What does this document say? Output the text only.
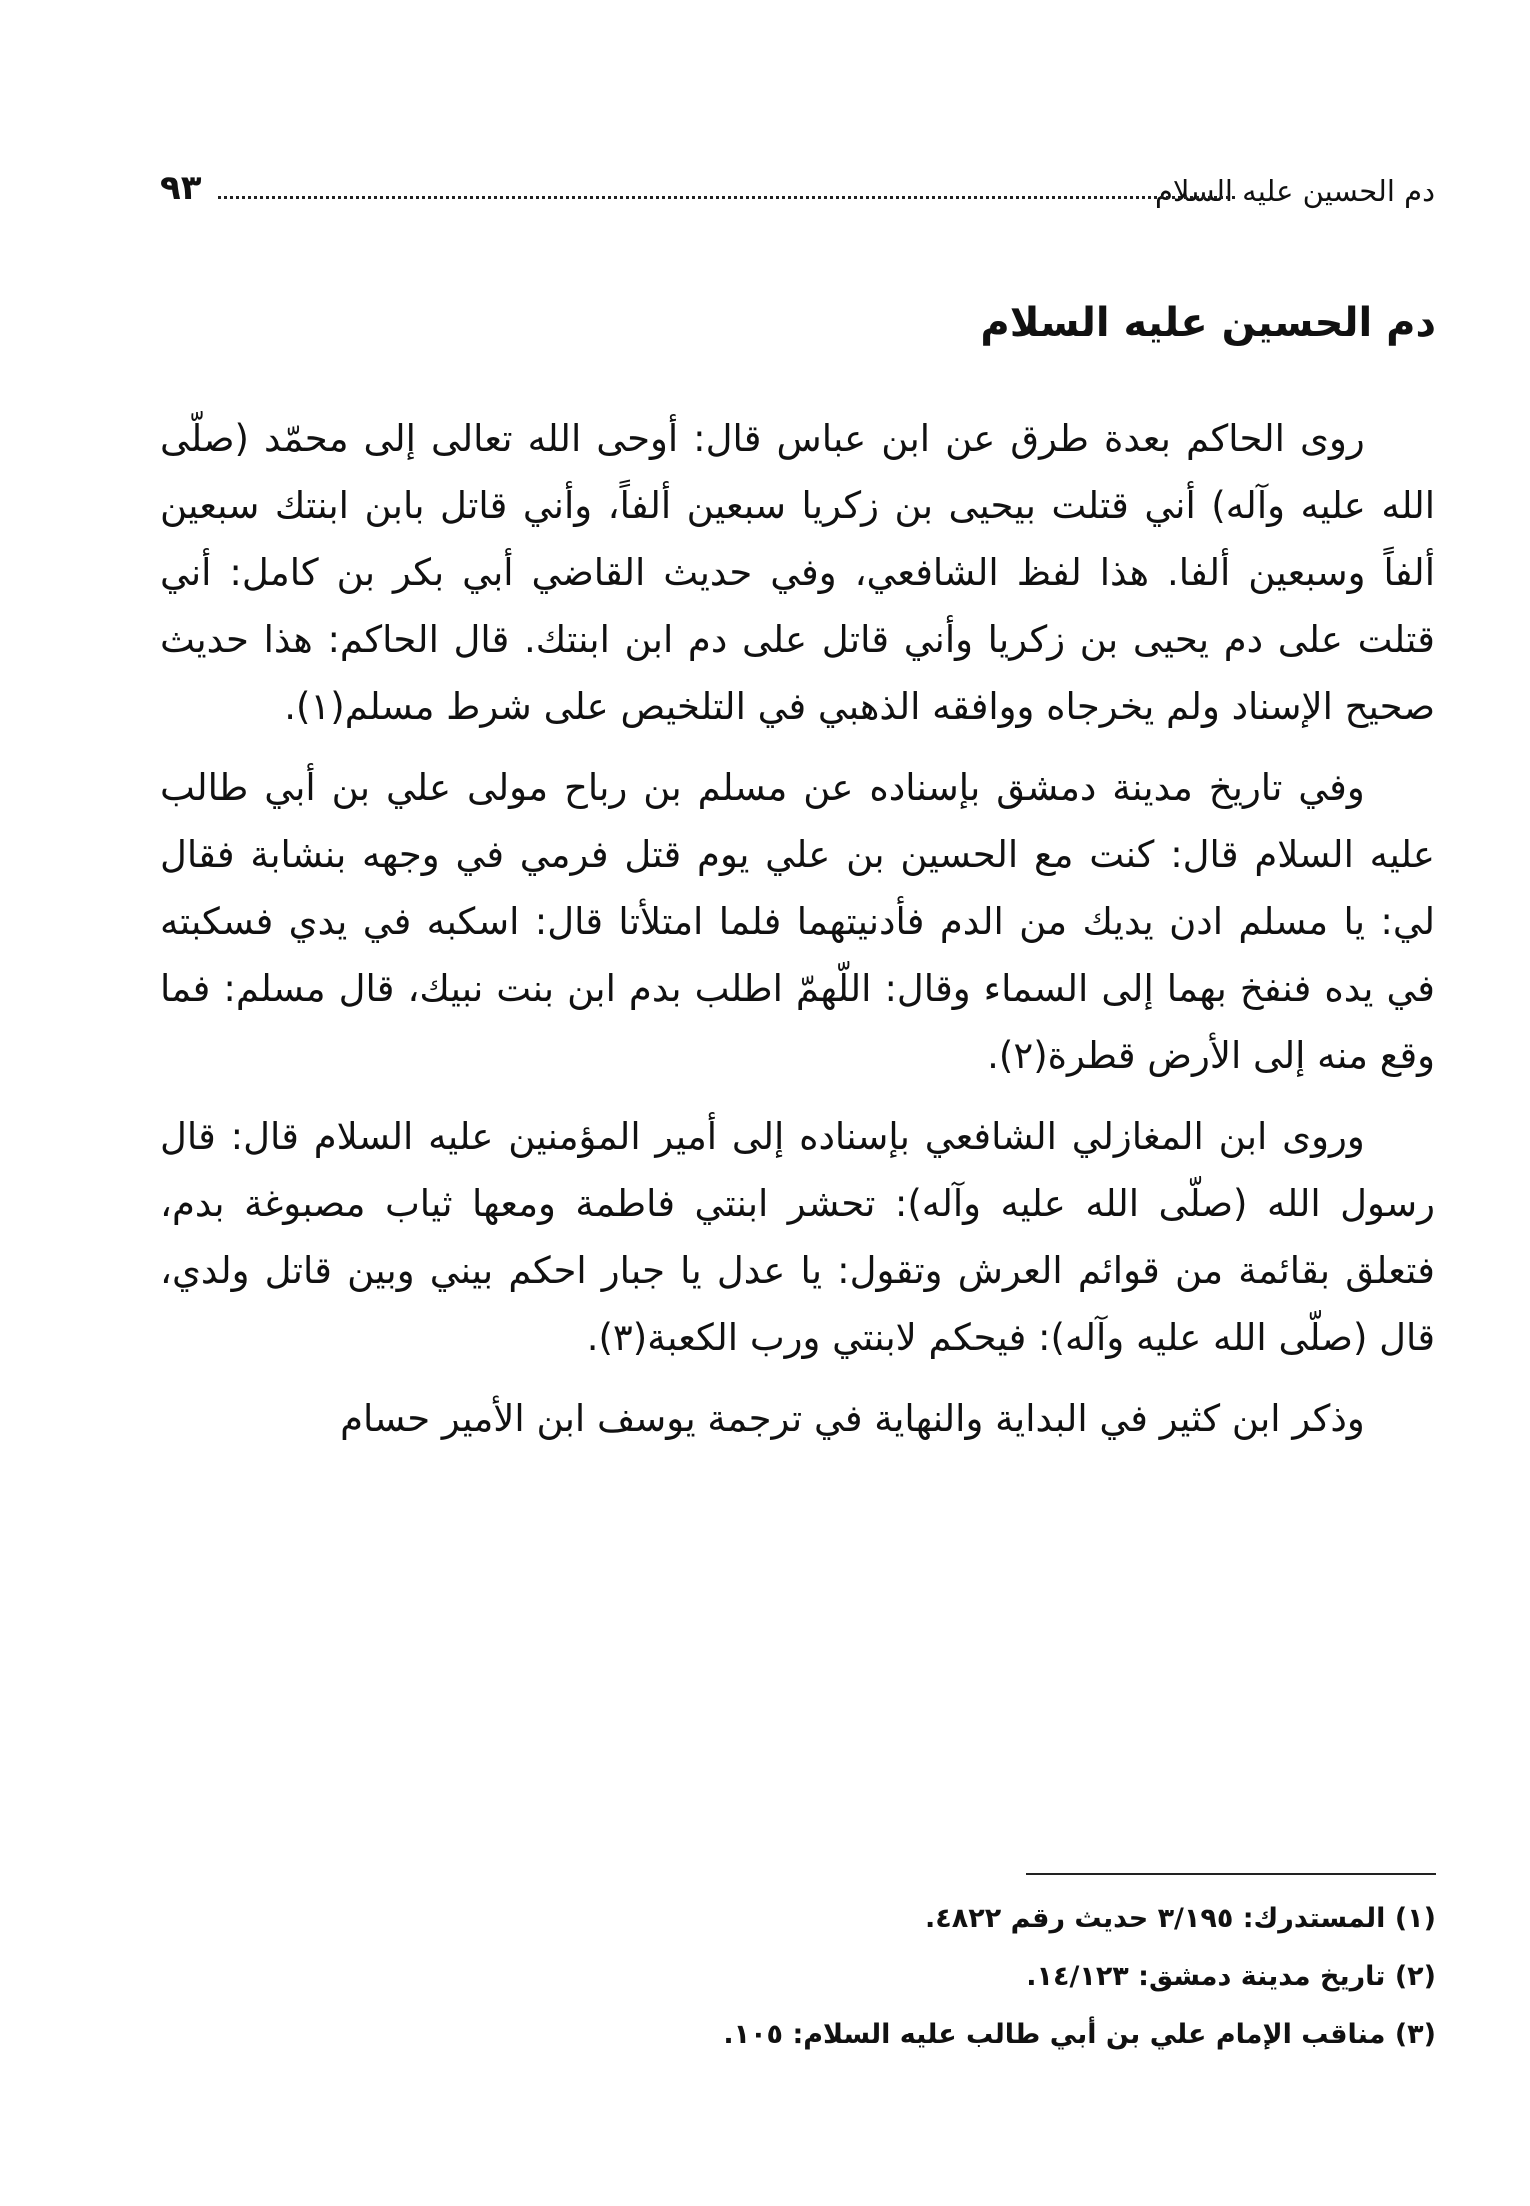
دم الحسين عليه السلام
٩٣
دم الحسين عليه السلام

روى الحاكم بعدة طرق عن ابن عباس قال: أوحى الله تعالى إلى محمّد (صلّى الله عليه وآله) أني قتلت بيحيى بن زكريا سبعين ألفاً، وأني قاتل بابن ابنتك سبعين ألفاً وسبعين ألفا. هذا لفظ الشافعي، وفي حديث القاضي أبي بكر بن كامل: أني قتلت على دم يحيى بن زكريا وأني قاتل على دم ابن ابنتك. قال الحاكم: هذا حديث صحيح الإسناد ولم يخرجاه ووافقه الذهبي في التلخيص على شرط مسلم(١).

وفي تاريخ مدينة دمشق بإسناده عن مسلم بن رباح مولى علي بن أبي طالب عليه السلام قال: كنت مع الحسين بن علي يوم قتل فرمي في وجهه بنشابة فقال لي: يا مسلم ادن يديك من الدم فأدنيتهما فلما امتلأتا قال: اسكبه في يدي فسكبته في يده فنفخ بهما إلى السماء وقال: اللّهمّ اطلب بدم ابن بنت نبيك، قال مسلم: فما وقع منه إلى الأرض قطرة(٢).

وروى ابن المغازلي الشافعي بإسناده إلى أمير المؤمنين عليه السلام قال: قال رسول الله (صلّى الله عليه وآله): تحشر ابنتي فاطمة ومعها ثياب مصبوغة بدم، فتعلق بقائمة من قوائم العرش وتقول: يا عدل يا جبار احكم بيني وبين قاتل ولدي، قال (صلّى الله عليه وآله): فيحكم لابنتي ورب الكعبة(٣).

وذكر ابن كثير في البداية والنهاية في ترجمة يوسف ابن الأمير حسام

(١) المستدرك: ٣/١٩٥ حديث رقم ٤٨٢٢.
(٢) تاريخ مدينة دمشق: ١٤/١٢٣.
(٣) مناقب الإمام علي بن أبي طالب عليه السلام: ١٠٥.
